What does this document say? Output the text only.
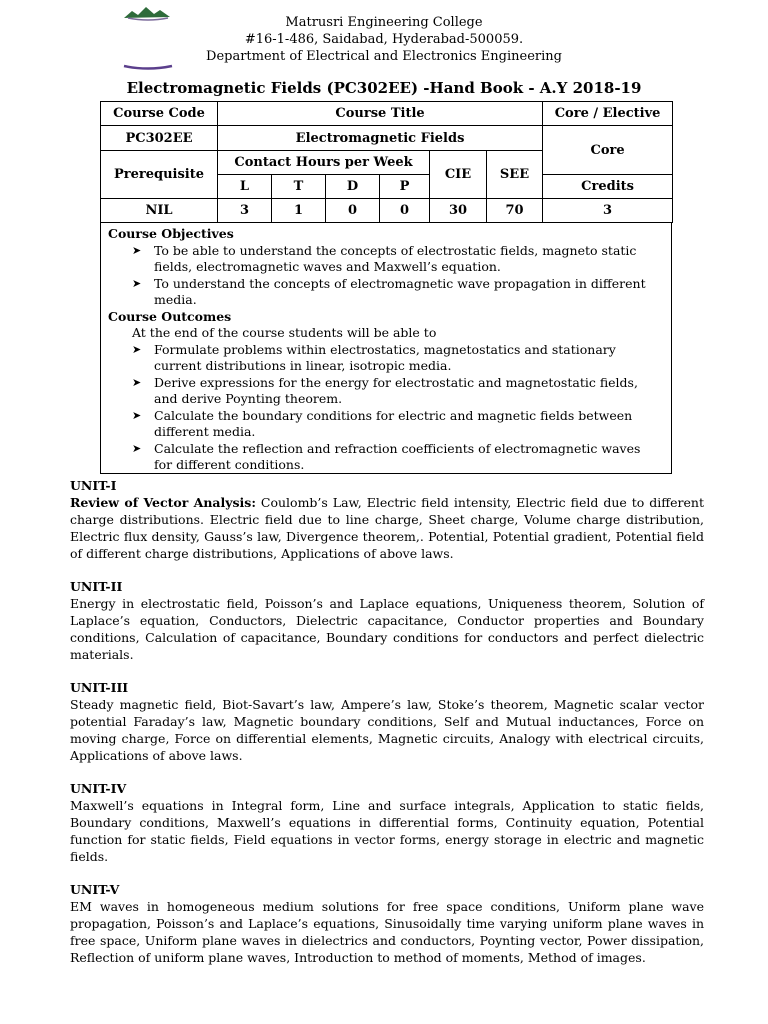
Matrusri Engineering College
#16-1-486, Saidabad, Hyderabad-500059.
Department of Electrical and Electronics Engineering
Electromagnetic Fields (PC302EE) -Hand Book - A.Y 2018-19
Course Code	Course Title						Core / Elective
PC302EE	Electromagnetic Fields						Core
Prerequisite	Contact Hours per Week				CIE	SEE	
	L	T	D	P			Credits
NIL	3	1	0	0	30	70	3
Course Objectives
➤ To be able to understand the concepts of electrostatic fields, magneto static fields, electromagnetic waves and Maxwell’s equation.
➤ To understand the concepts of electromagnetic wave propagation in different media.
Course Outcomes
At the end of the course students will be able to
➤ Formulate problems within electrostatics, magnetostatics and stationary current distributions in linear, isotropic media.
➤ Derive expressions for the energy for electrostatic and magnetostatic fields, and derive Poynting theorem.
➤ Calculate the boundary conditions for electric and magnetic fields between different media.
➤ Calculate the reflection and refraction coefficients of electromagnetic waves for different conditions.
UNIT-I
Review of Vector Analysis: Coulomb’s Law, Electric field intensity, Electric field due to different charge distributions. Electric field due to line charge, Sheet charge, Volume charge distribution, Electric flux density, Gauss’s law, Divergence theorem,. Potential, Potential gradient, Potential field of different charge distributions, Applications of above laws.
UNIT-II
Energy in electrostatic field, Poisson’s and Laplace equations, Uniqueness theorem, Solution of Laplace’s equation, Conductors, Dielectric capacitance, Conductor properties and Boundary conditions, Calculation of capacitance, Boundary conditions for conductors and perfect dielectric materials.
UNIT-III
Steady magnetic field, Biot-Savart’s law, Ampere’s law, Stoke’s theorem, Magnetic scalar vector potential Faraday’s law, Magnetic boundary conditions, Self and Mutual inductances, Force on moving charge, Force on differential elements, Magnetic circuits, Analogy with electrical circuits, Applications of above laws.
UNIT-IV
Maxwell’s equations in Integral form, Line and surface integrals, Application to static fields, Boundary conditions, Maxwell’s equations in differential forms, Continuity equation, Potential function for static fields, Field equations in vector forms, energy storage in electric and magnetic fields.
UNIT-V
EM waves in homogeneous medium solutions for free space conditions, Uniform plane wave propagation, Poisson’s and Laplace’s equations, Sinusoidally time varying uniform plane waves in free space, Uniform plane waves in dielectrics and conductors, Poynting vector, Power dissipation, Reflection of uniform plane waves, Introduction to method of moments, Method of images.
